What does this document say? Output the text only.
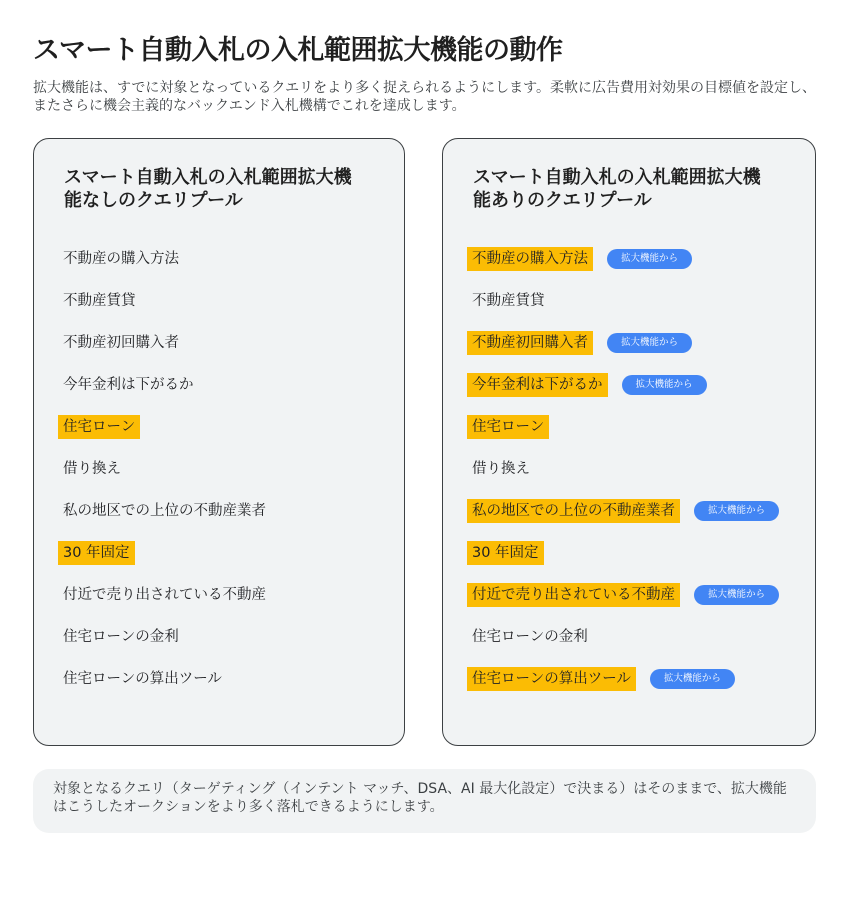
スマート自動入札の入札範囲拡大機能の動作
拡大機能は、すでに対象となっているクエリをより多く捉えられるようにします。柔軟に広告費用対効果の目標値を設定し、またさらに機会主義的なバックエンド入札機構でこれを達成します。
スマート自動入札の入札範囲拡大機能なしのクエリプール
不動産の購入方法
不動産賃貸
不動産初回購入者
今年金利は下がるか
住宅ローン
借り換え
私の地区での上位の不動産業者
30 年固定
付近で売り出されている不動産
住宅ローンの金利
住宅ローンの算出ツール
スマート自動入札の入札範囲拡大機能ありのクエリプール
不動産の購入方法	拡大機能から
不動産賃貸
不動産初回購入者	拡大機能から
今年金利は下がるか	拡大機能から
住宅ローン
借り換え
私の地区での上位の不動産業者	拡大機能から
30 年固定
付近で売り出されている不動産	拡大機能から
住宅ローンの金利
住宅ローンの算出ツール	拡大機能から
対象となるクエリ（ターゲティング（インテント マッチ、DSA、AI 最大化設定）で決まる）はそのままで、拡大機能はこうしたオークションをより多く落札できるようにします。
